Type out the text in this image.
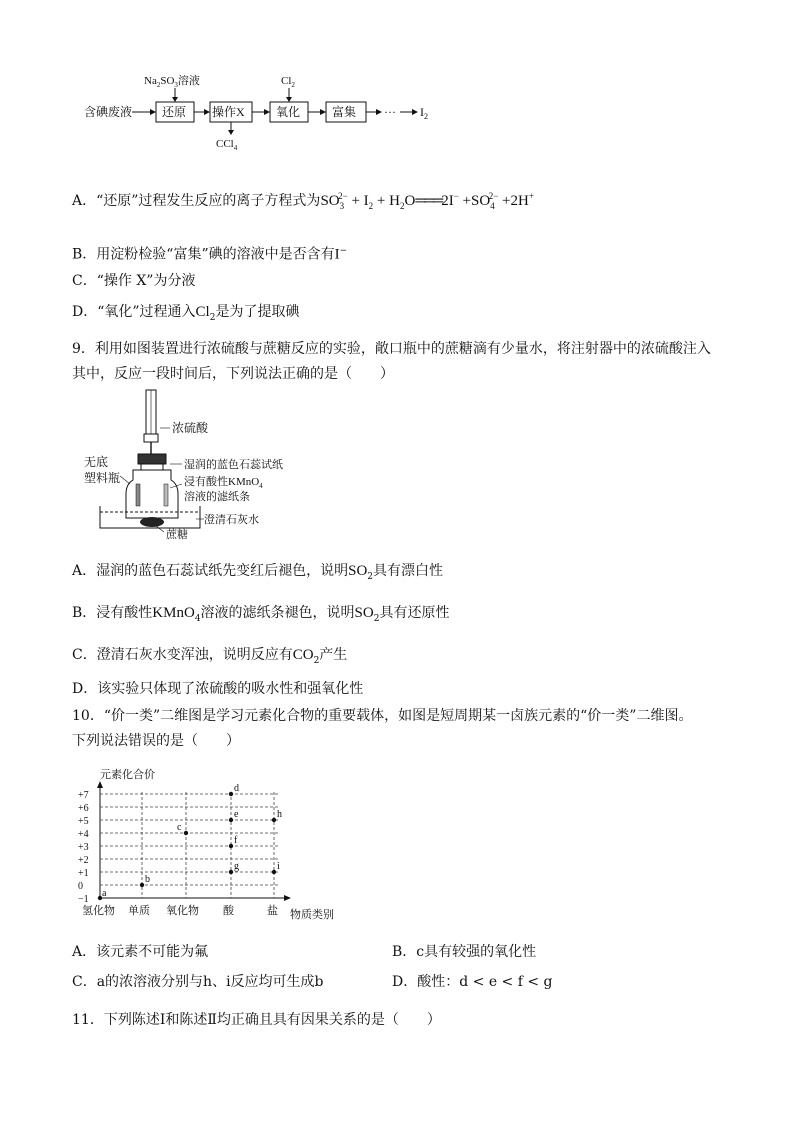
含碘废液 还原 操作X	氧化	富集 ··· $I_2$
$Na_2SO_3$溶液	$Cl_2$
CCl$_4$
A．“还原”过程发生反应的离子方程式为$SO_3^{2-} + I_2$ + $H_2O═══2I^- +SO_4^{2-} +2H^+$
B．用淀粉检验“富集”碘的溶液中是否含有I−
C．“操作 X”为分液
D．“氧化”过程通入$Cl_2$是为了提取碘
9．利用如图装置进行浓硫酸与蔗糖反应的实验，敞口瓶中的蔗糖滴有少量水，将注射器中的浓硫酸注入
其中，反应一段时间后，下列说法正确的是（　　）
浓硫酸
无底
塑料瓶
湿润的蓝色石蕊试纸
浸有酸性KMnO$_4$
溶液的滤纸条
澄清石灰水
蔗糖
A．湿润的蓝色石蕊试纸先变红后褪色，说明$SO_2$具有漂白性
B．浸有酸性KMnO$_4$溶液的滤纸条褪色，说明$SO_2$具有还原性
C．澄清石灰水变浑浊，说明反应有$CO_2$产生
D．该实验只体现了浓硫酸的吸水性和强氧化性
10．“价一类”二维图是学习元素化合物的重要载体，如图是短周期某一卤族元素的“价一类”二维图。
下列说法错误的是（　　）
元素化合价
物质类别
+7
+6
+5
+4
+3
+2
+1
0
−1
氢化物 单质 氧化物 酸	盐
a
b
c
d
e
f
g
h
i
A．该元素不可能为氟	B．c具有较强的氧化性
C．a的浓溶液分别与h、i反应均可生成b	D．酸性：d < e < f < g
11．下列陈述Ⅰ和陈述Ⅱ均正确且具有因果关系的是（　　）
